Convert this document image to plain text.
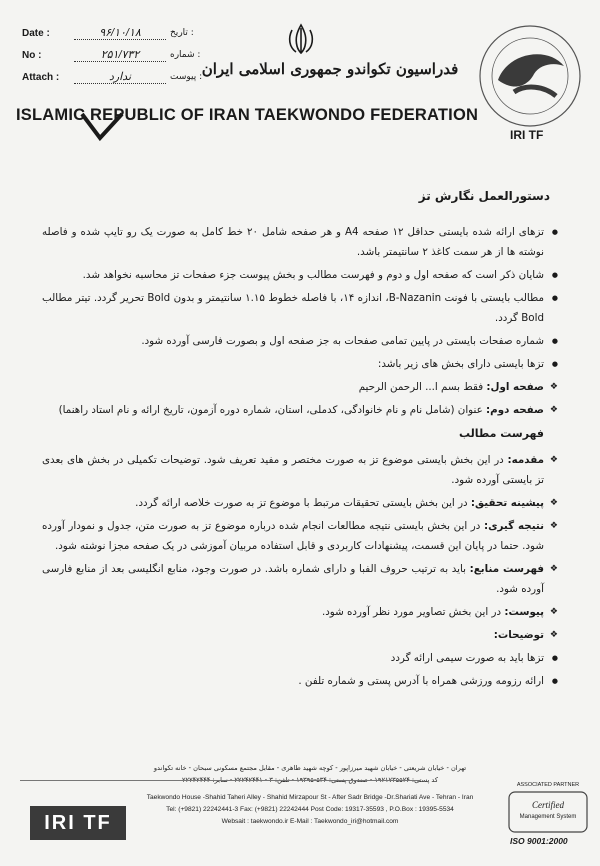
Date :	۹۶/۱۰/۱۸	تاریخ :
No :	۲۵۱/۷۳۲	شماره :
Attach :	ندارد	پیوست : فدراسیون تکواندو جمهوری اسلامی ایران
ISLAMIC REPUBLIC OF IRAN TAEKWONDO FEDERATION
IRI TF
دستورالعمل نگارش تز
● تزهای ارائه شده بایستی حداقل ۱۲ صفحه A4 و هر صفحه شامل ۲۰ خط کامل به صورت یک رو تایپ شده و فاصله نوشته ها از هر سمت کاغذ ۲ سانتیمتر باشد.
● شایان ذکر است که صفحه اول و دوم و فهرست مطالب و بخش پیوست جزء صفحات تز محاسبه نخواهد شد.
● مطالب بایستی با فونت B-Nazanin، اندازه ۱۴، با فاصله خطوط ۱.۱۵ سانتیمتر و بدون Bold تحریر گردد. تیتر مطالب Bold گردد.
● شماره صفحات بایستی در پایین تمامی صفحات به جز صفحه اول و بصورت فارسی آورده شود.
● تزها بایستی دارای بخش های زیر باشد:
❖ صفحه اول: فقط بسم ا... الرحمن الرحیم
❖ صفحه دوم: عنوان (شامل نام و نام خانوادگی، کدملی، استان، شماره دوره آزمون، تاریخ ارائه و نام استاد راهنما)
فهرست مطالب
❖ مقدمه: در این بخش بایستی موضوع تز به صورت مختصر و مفید تعریف شود. توضیحات تکمیلی در بخش های بعدی تز بایستی آورده شود.
❖ پیشینه تحقیق: در این بخش بایستی تحقیقات مرتبط با موضوع تز به صورت خلاصه ارائه گردد.
❖ نتیجه گیری: در این بخش بایستی نتیجه مطالعات انجام شده درباره موضوع تز به صورت متن، جدول و نمودار آورده شود. حتما در پایان این قسمت، پیشنهادات کاربردی و قابل استفاده مربیان آموزشی در یک صفحه مجزا نوشته شود.
❖ فهرست منابع: باید به ترتیب حروف الفبا و دارای شماره باشد. در صورت وجود، منابع انگلیسی بعد از منابع فارسی آورده شود.
❖ پیوست: در این بخش تصاویر مورد نظر آورده شود.
❖ توضیحات:
● تزها باید به صورت سیمی ارائه گردد
● ارائه رزومه ورزشی همراه با آدرس پستی و شماره تلفن .
تهران - خیابان شریعتی - خیابان شهید میرزاپور - کوچه شهید طاهری - مقابل مجتمع مسکونی سبحان - خانه تکواندو
کد پستی: ۱۹۲۱۷۳۵۵۲۴ - صندوق پستی: ۵۳۴-۱۹۳۹۵ - تلفن: ۳ - ۲۲۲۴۲۴۴۱ - نمابر: ۲۲۲۴۲۴۴۴
Taekwondo House -Shahid Taheri Alley - Shahid Mirzapour St - After Sadr Bridge -Dr.Shariati Ave - Tehran - Iran
Tel: (+9821) 22242441-3 Fax: (+9821) 22242444 Post Code: 19317-35593 , P.O.Box : 19395-5534
Websait : taekwondo.ir E-Mail : Taekwondo_iri@hotmail.com
IRI TF
ASSOCIATED PARTNER
Certified
Management System
ISO 9001:2000
